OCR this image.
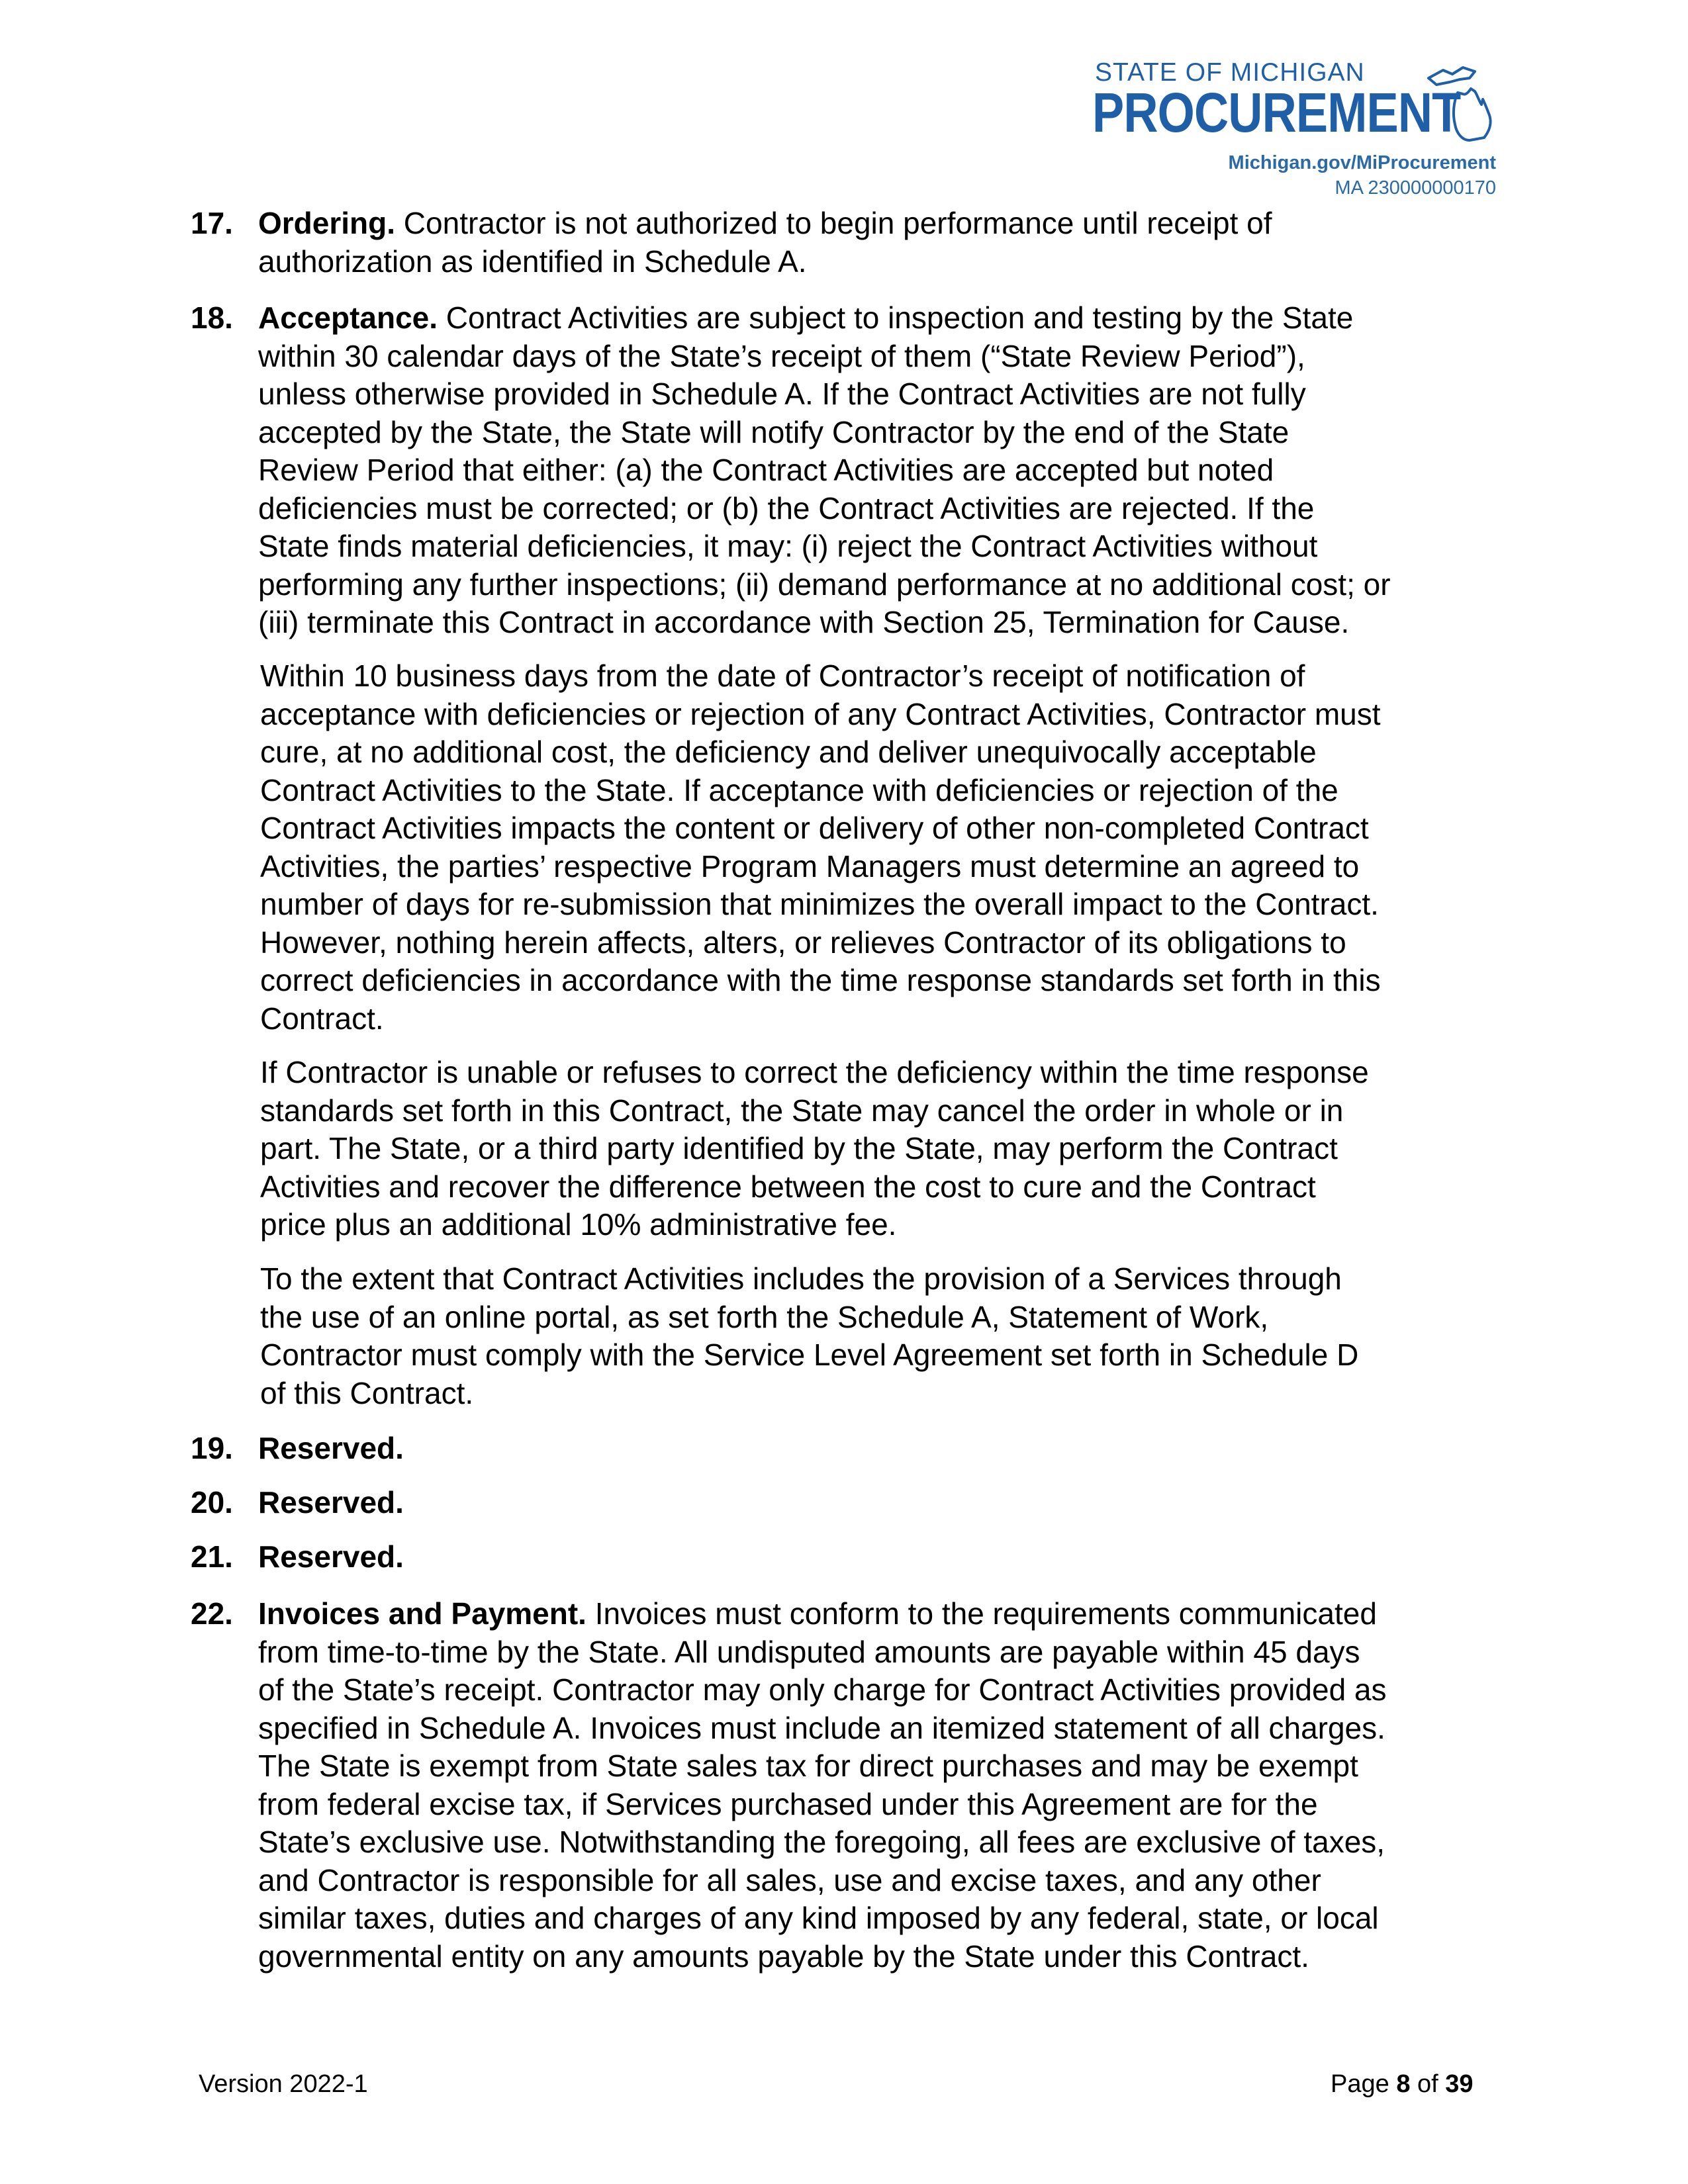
STATE OF MICHIGAN
PROCUREMENT
Michigan.gov/MiProcurement
MA 230000000170
17. Ordering. Contractor is not authorized to begin performance until receipt of
authorization as identified in Schedule A.
18. Acceptance. Contract Activities are subject to inspection and testing by the State
within 30 calendar days of the State’s receipt of them (“State Review Period”),
unless otherwise provided in Schedule A. If the Contract Activities are not fully
accepted by the State, the State will notify Contractor by the end of the State
Review Period that either: (a) the Contract Activities are accepted but noted
deficiencies must be corrected; or (b) the Contract Activities are rejected. If the
State finds material deficiencies, it may: (i) reject the Contract Activities without
performing any further inspections; (ii) demand performance at no additional cost; or
(iii) terminate this Contract in accordance with Section 25, Termination for Cause.
Within 10 business days from the date of Contractor’s receipt of notification of
acceptance with deficiencies or rejection of any Contract Activities, Contractor must
cure, at no additional cost, the deficiency and deliver unequivocally acceptable
Contract Activities to the State. If acceptance with deficiencies or rejection of the
Contract Activities impacts the content or delivery of other non-completed Contract
Activities, the parties’ respective Program Managers must determine an agreed to
number of days for re-submission that minimizes the overall impact to the Contract.
However, nothing herein affects, alters, or relieves Contractor of its obligations to
correct deficiencies in accordance with the time response standards set forth in this
Contract.
If Contractor is unable or refuses to correct the deficiency within the time response
standards set forth in this Contract, the State may cancel the order in whole or in
part. The State, or a third party identified by the State, may perform the Contract
Activities and recover the difference between the cost to cure and the Contract
price plus an additional 10% administrative fee.
To the extent that Contract Activities includes the provision of a Services through
the use of an online portal, as set forth the Schedule A, Statement of Work,
Contractor must comply with the Service Level Agreement set forth in Schedule D
of this Contract.
19. Reserved.
20. Reserved.
21. Reserved.
22. Invoices and Payment. Invoices must conform to the requirements communicated
from time-to-time by the State. All undisputed amounts are payable within 45 days
of the State’s receipt. Contractor may only charge for Contract Activities provided as
specified in Schedule A. Invoices must include an itemized statement of all charges.
The State is exempt from State sales tax for direct purchases and may be exempt
from federal excise tax, if Services purchased under this Agreement are for the
State’s exclusive use. Notwithstanding the foregoing, all fees are exclusive of taxes,
and Contractor is responsible for all sales, use and excise taxes, and any other
similar taxes, duties and charges of any kind imposed by any federal, state, or local
governmental entity on any amounts payable by the State under this Contract.
Version 2022-1	Page 8 of 39
